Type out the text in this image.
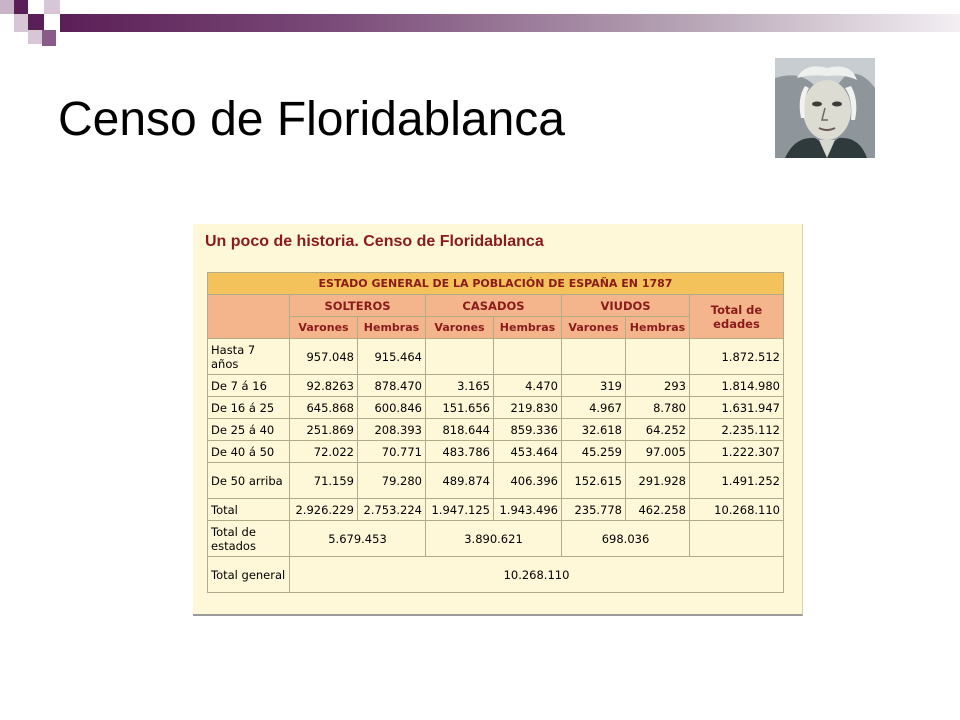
Censo de Floridablanca
Un poco de historia. Censo de Floridablanca
ESTADO GENERAL DE LA POBLACIÓN DE ESPAÑA EN 1787							
	SOLTEROS		CASADOS		VIUDOS		Total de edades
	Varones	Hembras	Varones	Hembras	Varones	Hembras	
Hasta 7 años	957.048	915.464					1.872.512
De 7 á 16	92.8263	878.470	3.165	4.470	319	293	1.814.980
De 16 á 25	645.868	600.846	151.656	219.830	4.967	8.780	1.631.947
De 25 á 40	251.869	208.393	818.644	859.336	32.618	64.252	2.235.112
De 40 á 50	72.022	70.771	483.786	453.464	45.259	97.005	1.222.307
De 50 arriba	71.159	79.280	489.874	406.396	152.615	291.928	1.491.252
Total	2.926.229	2.753.224	1.947.125	1.943.496	235.778	462.258	10.268.110
Total de estados	5.679.453		3.890.621		698.036		
Total general	10.268.110						
